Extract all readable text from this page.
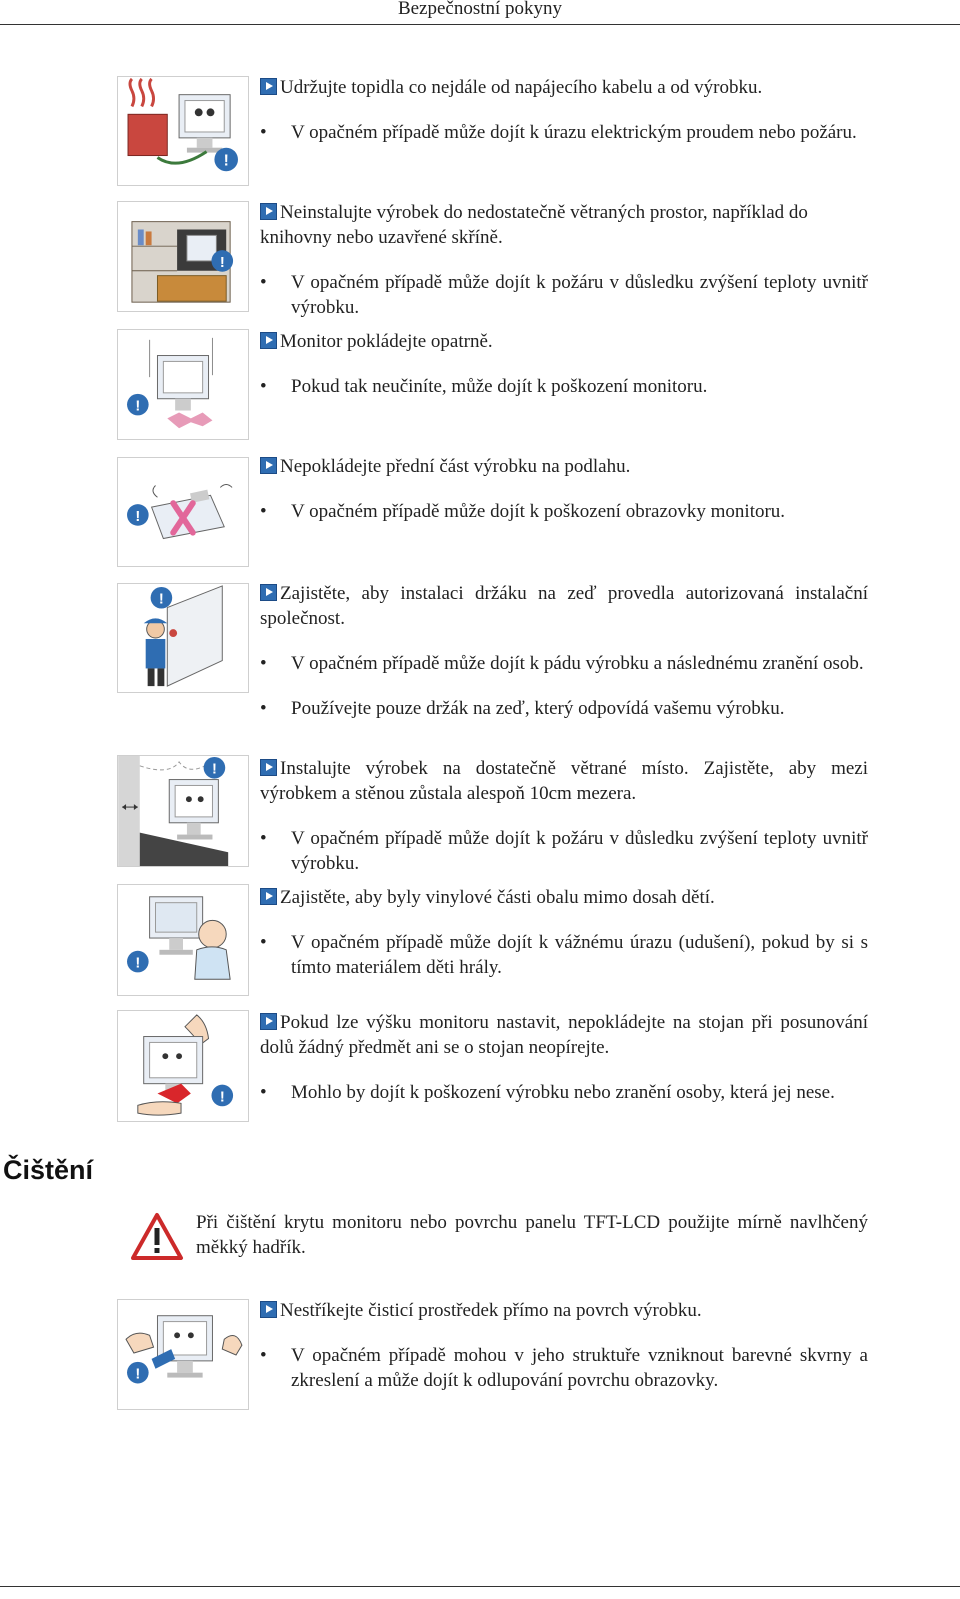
Bezpečnostní pokyny
!

Udržujte topidla co nejdále od napájecího kabelu a od výrobku.

• V opačném případě může dojít k úrazu elektrickým proudem nebo požáru.

!

Neinstalujte výrobek do nedostatečně větraných prostor, například do knihovny nebo uzavřené skříně.

• V opačném případě může dojít k požáru v důsledku zvýšení teploty uvnitř výrobku.

!

Monitor pokládejte opatrně.

• Pokud tak neučiníte, může dojít k poškození monitoru.

!

Nepokládejte přední část výrobku na podlahu.

• V opačném případě může dojít k poškození obrazovky monitoru.

!	Zajistěte, aby instalaci držáku na zeď provedla autorizovaná instalační společnost.

• V opačném případě může dojít k pádu výrobku a následnému zranění osob.

• Používejte pouze držák na zeď, který odpovídá vašemu výrobku.

!	Instalujte výrobek na dostatečně větrané místo. Zajistěte, aby mezi výrobkem a stěnou zůstala alespoň 10cm mezera.

• V opačném případě může dojít k požáru v důsledku zvýšení teploty uvnitř výrobku.

!

Zajistěte, aby byly vinylové části obalu mimo dosah dětí.

• V opačném případě může dojít k vážnému úrazu (udušení), pokud by si s tímto materiálem děti hrály.

!

Pokud lze výšku monitoru nastavit, nepokládejte na stojan při posunování dolů žádný předmět ani se o stojan neopírejte.

• Mohlo by dojít k poškození výrobku nebo zranění osoby, která jej nese.

Čištění
Při čištění krytu monitoru nebo povrchu panelu TFT-LCD použijte mírně navlhčený měkký hadřík.
!

Nestříkejte čisticí prostředek přímo na povrch výrobku.

• V opačném případě mohou v jeho struktuře vzniknout barevné skvrny a zkreslení a může dojít k odlupování povrchu obrazovky.
